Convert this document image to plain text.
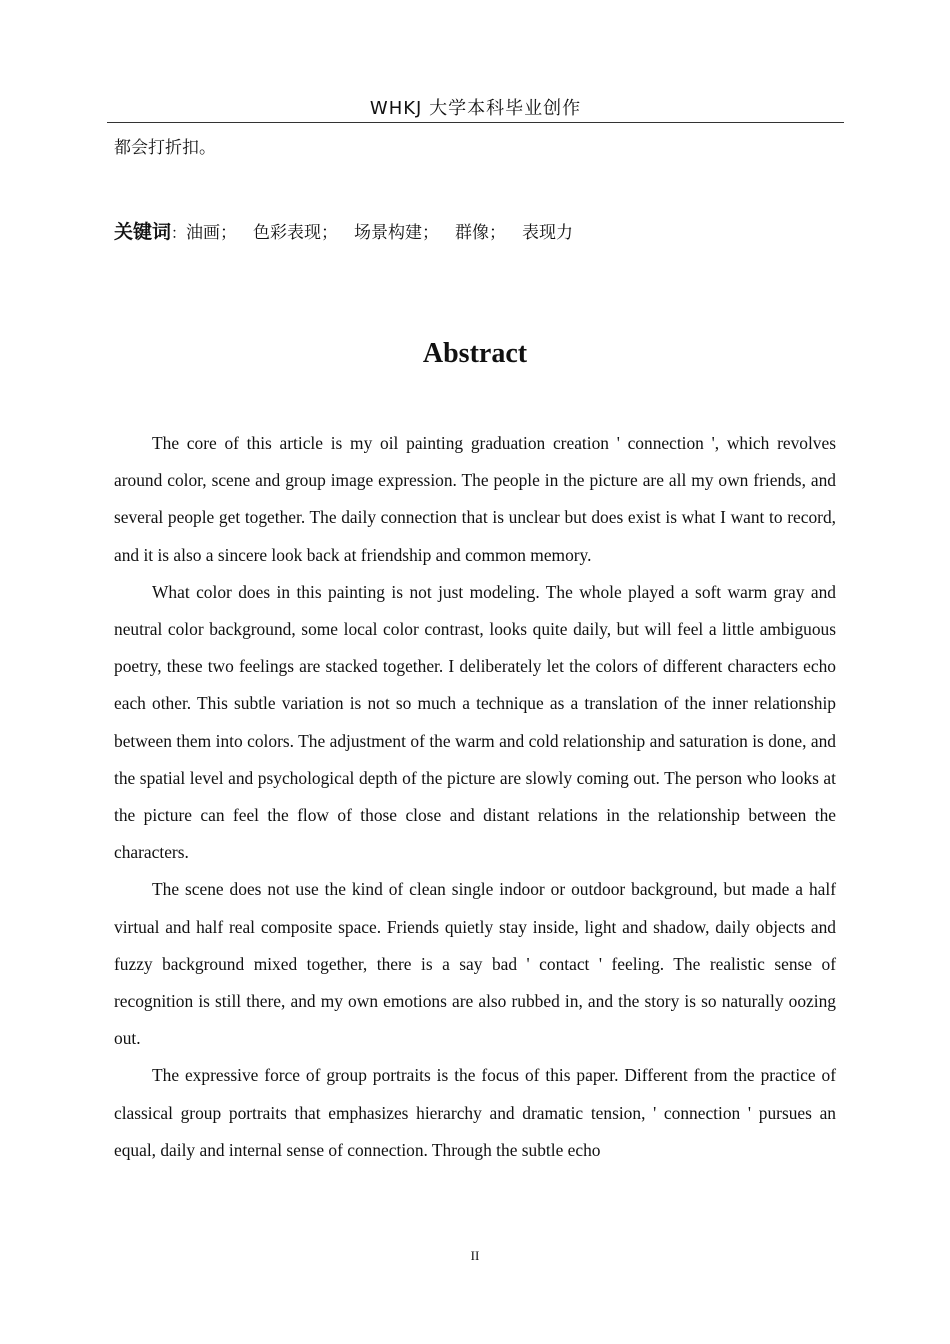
WHKJ 大学本科毕业创作
都会打折扣。
关键词：油画； 色彩表现； 场景构建； 群像； 表现力
Abstract

The core of this article is my oil painting graduation creation ' connection ', which revolves around color, scene and group image expression. The people in the picture are all my own friends, and several people get together. The daily connection that is unclear but does exist is what I want to record, and it is also a sincere look back at friendship and common memory.

What color does in this painting is not just modeling. The whole played a soft warm gray and neutral color background, some local color contrast, looks quite daily, but will feel a little ambiguous poetry, these two feelings are stacked together. I deliberately let the colors of different characters echo each other. This subtle variation is not so much a technique as a translation of the inner relationship between them into colors. The adjustment of the warm and cold relationship and saturation is done, and the spatial level and psychological depth of the picture are slowly coming out. The person who looks at the picture can feel the flow of those close and distant relations in the relationship between the characters.

The scene does not use the kind of clean single indoor or outdoor background, but made a half virtual and half real composite space. Friends quietly stay inside, light and shadow, daily objects and fuzzy background mixed together, there is a say bad ' contact ' feeling. The realistic sense of recognition is still there, and my own emotions are also rubbed in, and the story is so naturally oozing out.

The expressive force of group portraits is the focus of this paper. Different from the practice of classical group portraits that emphasizes hierarchy and dramatic tension, ' connection ' pursues an equal, daily and internal sense of connection. Through the subtle echo

II
